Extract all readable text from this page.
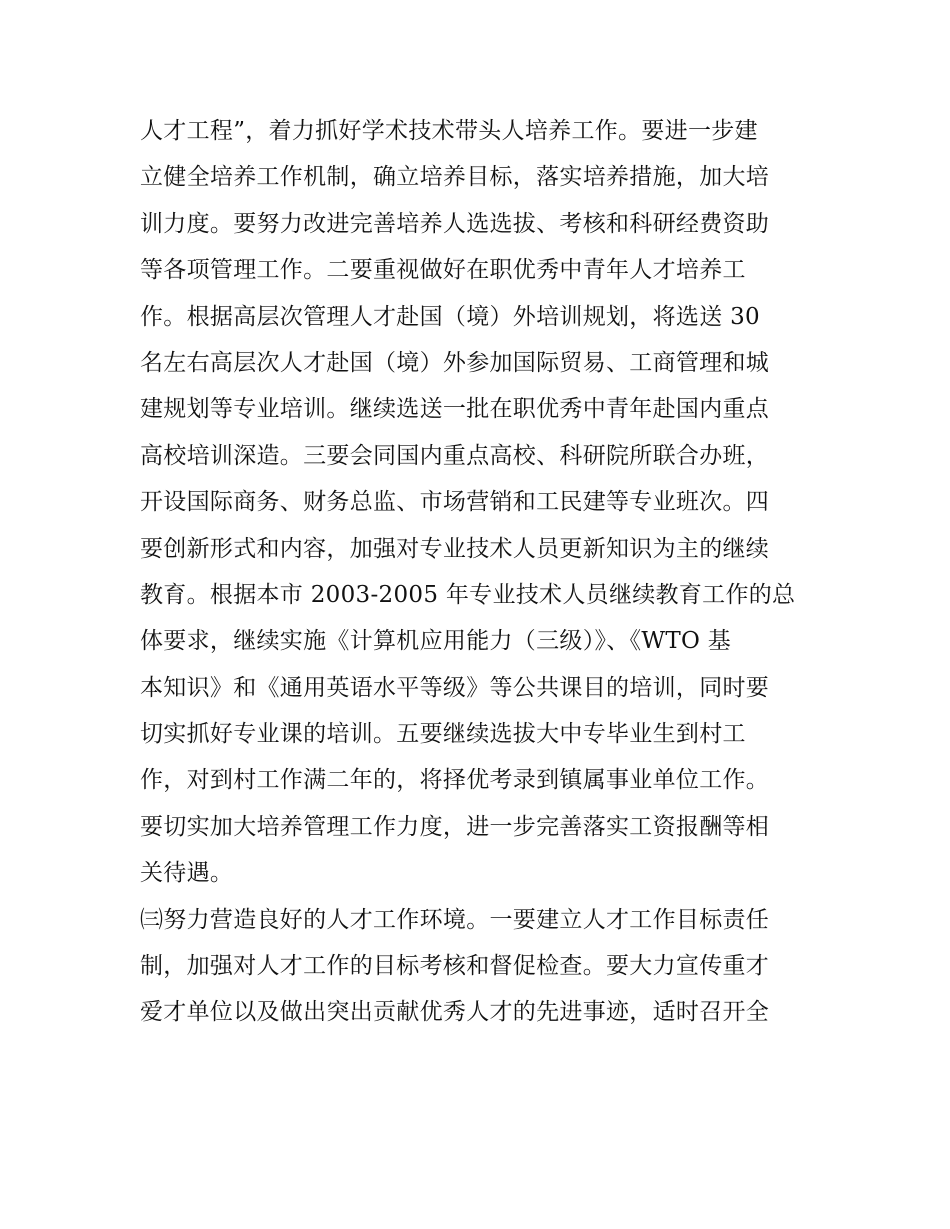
人才工程”，着力抓好学术技术带头人培养工作。要进一步建
立健全培养工作机制，确立培养目标，落实培养措施，加大培
训力度。要努力改进完善培养人选选拔、考核和科研经费资助
等各项管理工作。二要重视做好在职优秀中青年人才培养工
作。根据高层次管理人才赴国（境）外培训规划，将选送 30
名左右高层次人才赴国（境）外参加国际贸易、工商管理和城
建规划等专业培训。继续选送一批在职优秀中青年赴国内重点
高校培训深造。三要会同国内重点高校、科研院所联合办班，
开设国际商务、财务总监、市场营销和工民建等专业班次。四
要创新形式和内容，加强对专业技术人员更新知识为主的继续
教育。根据本市 2003-2005 年专业技术人员继续教育工作的总
体要求，继续实施《计算机应用能力（三级）》、《WTO 基
本知识》和《通用英语水平等级》等公共课目的培训，同时要
切实抓好专业课的培训。五要继续选拔大中专毕业生到村工
作，对到村工作满二年的，将择优考录到镇属事业单位工作。
要切实加大培养管理工作力度，进一步完善落实工资报酬等相
关待遇。
㈢努力营造良好的人才工作环境。一要建立人才工作目标责任
制，加强对人才工作的目标考核和督促检查。要大力宣传重才
爱才单位以及做出突出贡献优秀人才的先进事迹，适时召开全
